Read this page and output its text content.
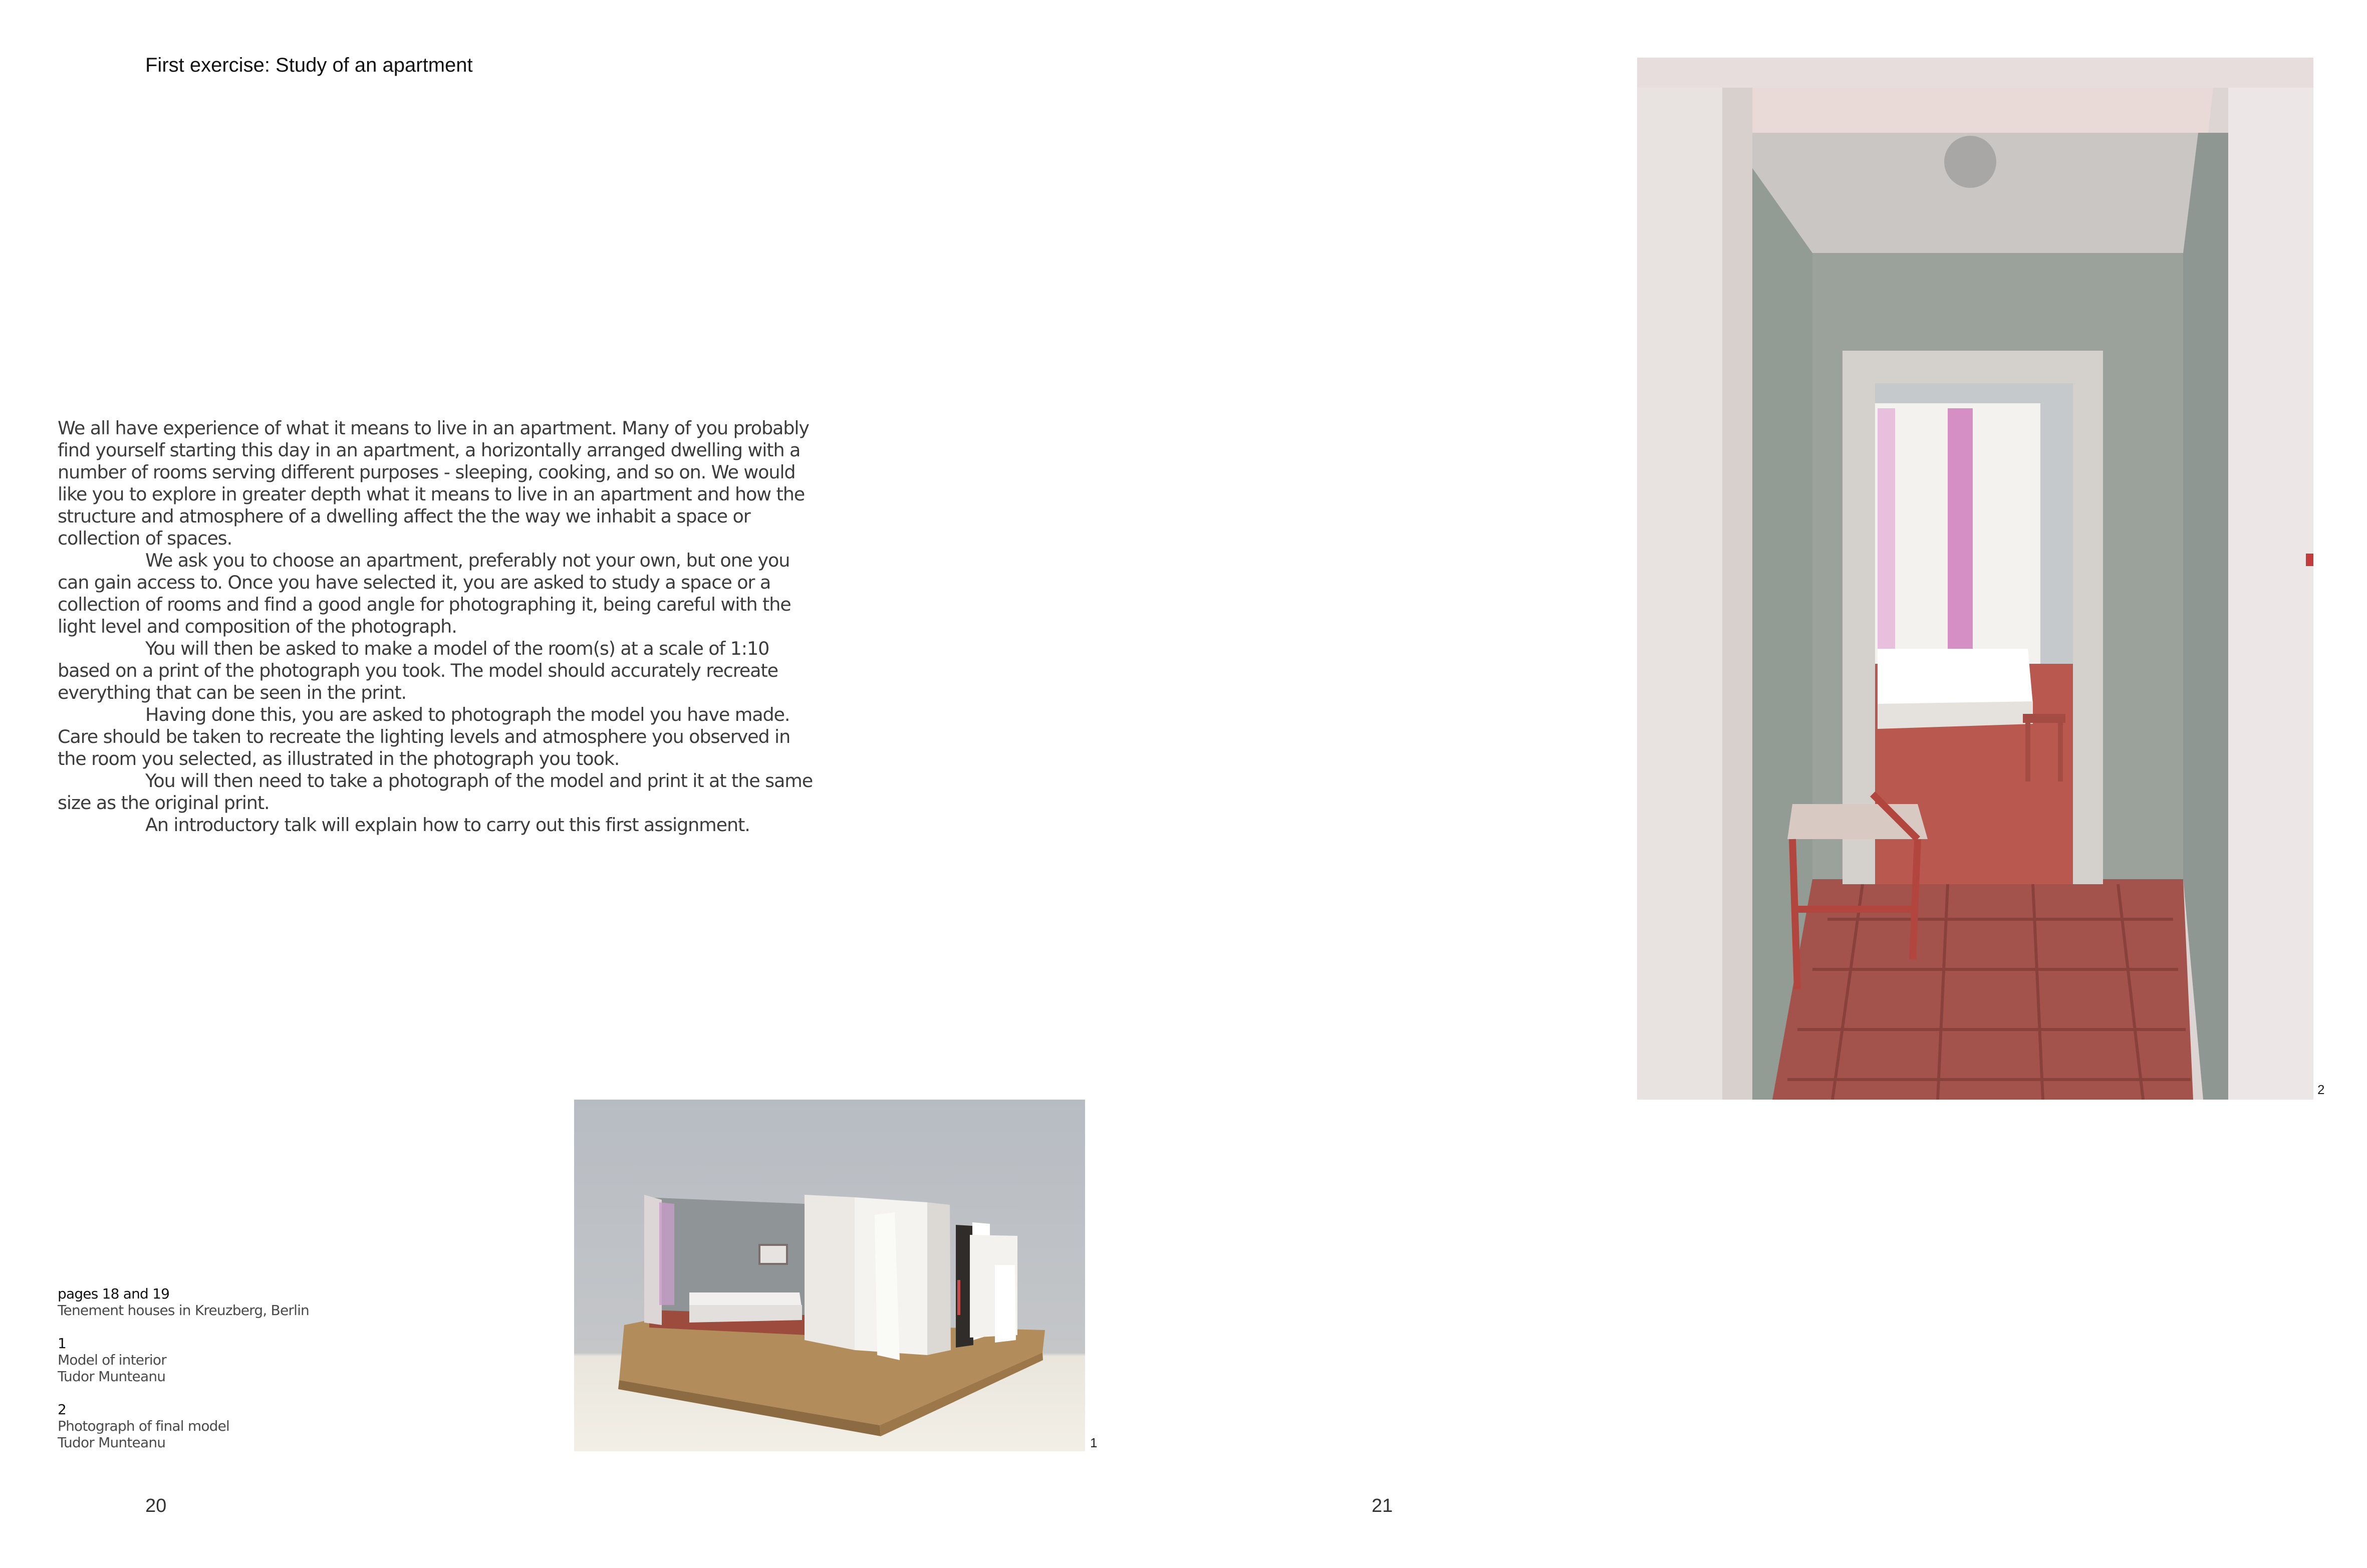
First exercise: Study of an apartment

We all have experience of what it means to live in an apartment. Many of you probably find yourself starting this day in an apartment, a horizontally arranged dwelling with a number of rooms serving different purposes - sleeping, cooking, and so on. We would like you to explore in greater depth what it means to live in an apartment and how the structure and atmosphere of a dwelling affect the the way we inhabit a space or collection of spaces.

We ask you to choose an apartment, preferably not your own, but one you can gain access to. Once you have selected it, you are asked to study a space or a collection of rooms and find a good angle for photographing it, being careful with the light level and composition of the photograph.

You will then be asked to make a model of the room(s) at a scale of 1:10 based on a print of the photograph you took. The model should accurately recreate everything that can be seen in the print.

Having done this, you are asked to photograph the model you have made. Care should be taken to recreate the lighting levels and atmosphere you observed in the room you selected, as illustrated in the photograph you took.

You will then need to take a photograph of the model and print it at the same size as the original print.

An introductory talk will explain how to carry out this first assignment.

pages 18 and 19
Tenement houses in Kreuzberg, Berlin
1
Model of interior
Tudor Munteanu
2
Photograph of final model
Tudor Munteanu	1
2
20	21
